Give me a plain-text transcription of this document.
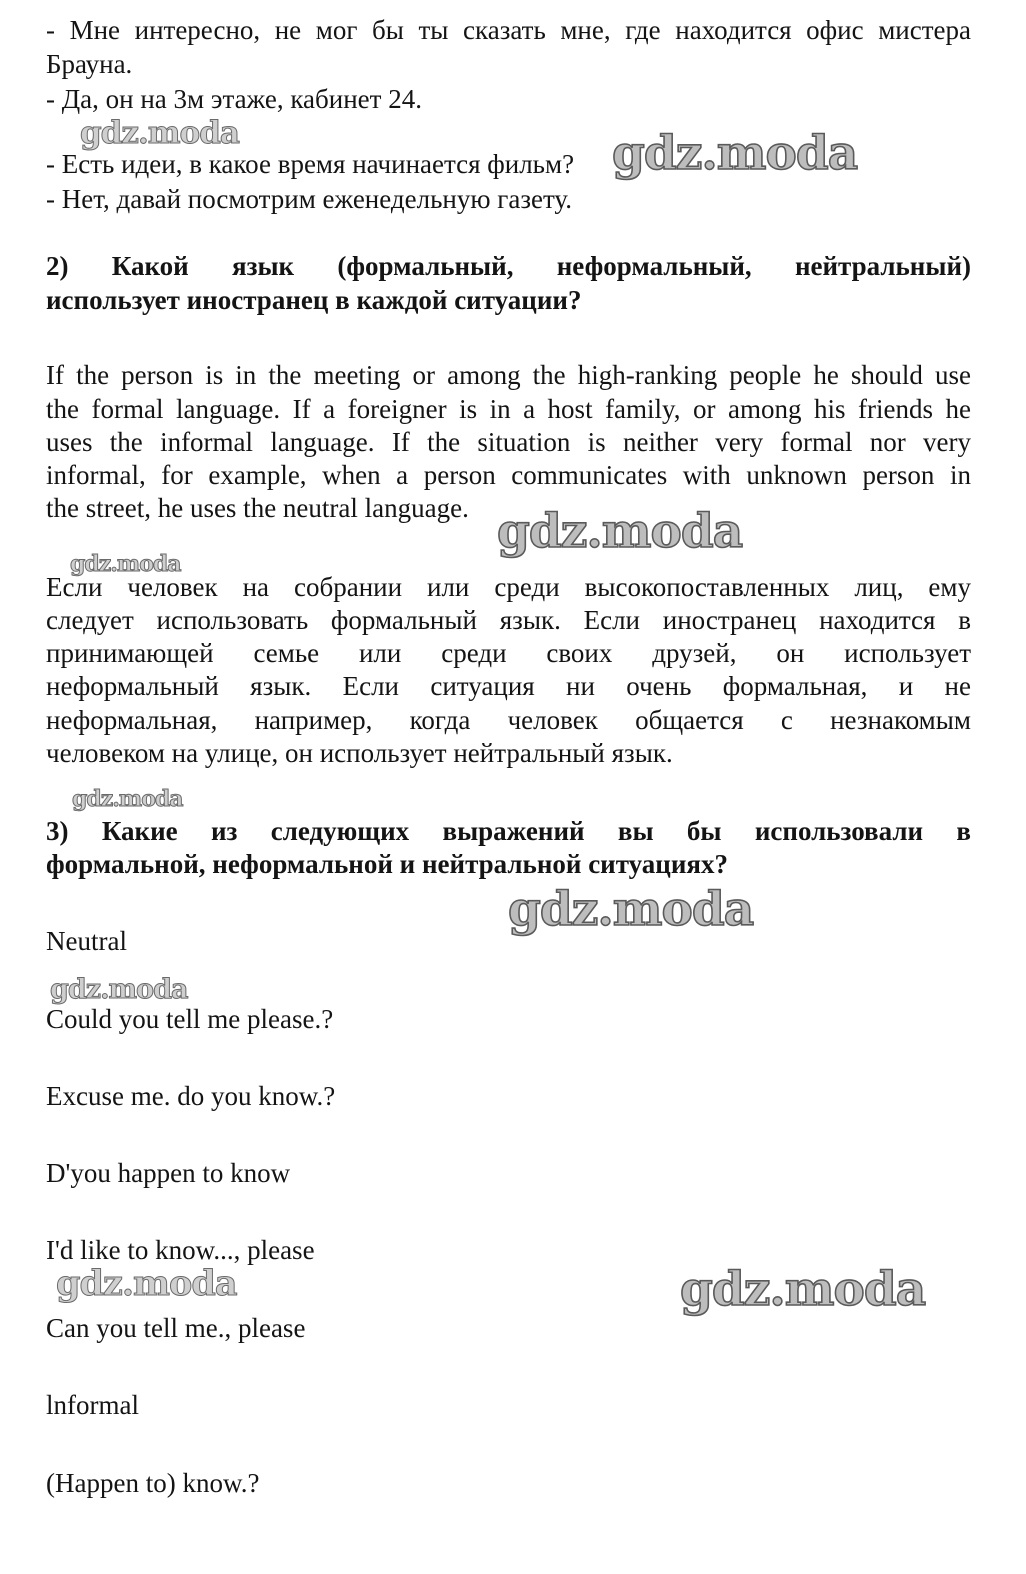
- Мне интересно, не мог бы ты сказать мне, где находится офис мистера
Брауна.
- Да, он на 3м этаже, кабинет 24.
- Есть идеи, в какое время начинается фильм?
- Нет, давай посмотрим еженедельную газету.
2) Какой язык (формальный, неформальный, нейтральный)
использует иностранец в каждой ситуации?
If the person is in the meeting or among the high-ranking people he should use
the formal language. If a foreigner is in a host family, or among his friends he
uses the informal language. If the situation is neither very formal nor very
informal, for example, when a person communicates with unknown person in
the street, he uses the neutral language.
Если человек на собрании или среди высокопоставленных лиц, ему
следует использовать формальный язык. Если иностранец находится в
принимающей семье или среди своих друзей, он использует
неформальный язык. Если ситуация ни очень формальная, и не
неформальная, например, когда человек общается с незнакомым
человеком на улице, он использует нейтральный язык.
3) Какие из следующих выражений вы бы использовали в
формальной, неформальной и нейтральной ситуациях?
Neutral
Could you tell me please.?
Excuse me. do you know.?
D'you happen to know
I'd like to know..., please
Can you tell me., please
lnformal
(Happen to) know.?
gdz.moda
gdz.moda
gdz.moda
gdz.moda
gdz.moda
gdz.moda
gdz.moda
gdz.moda	gdz.moda
